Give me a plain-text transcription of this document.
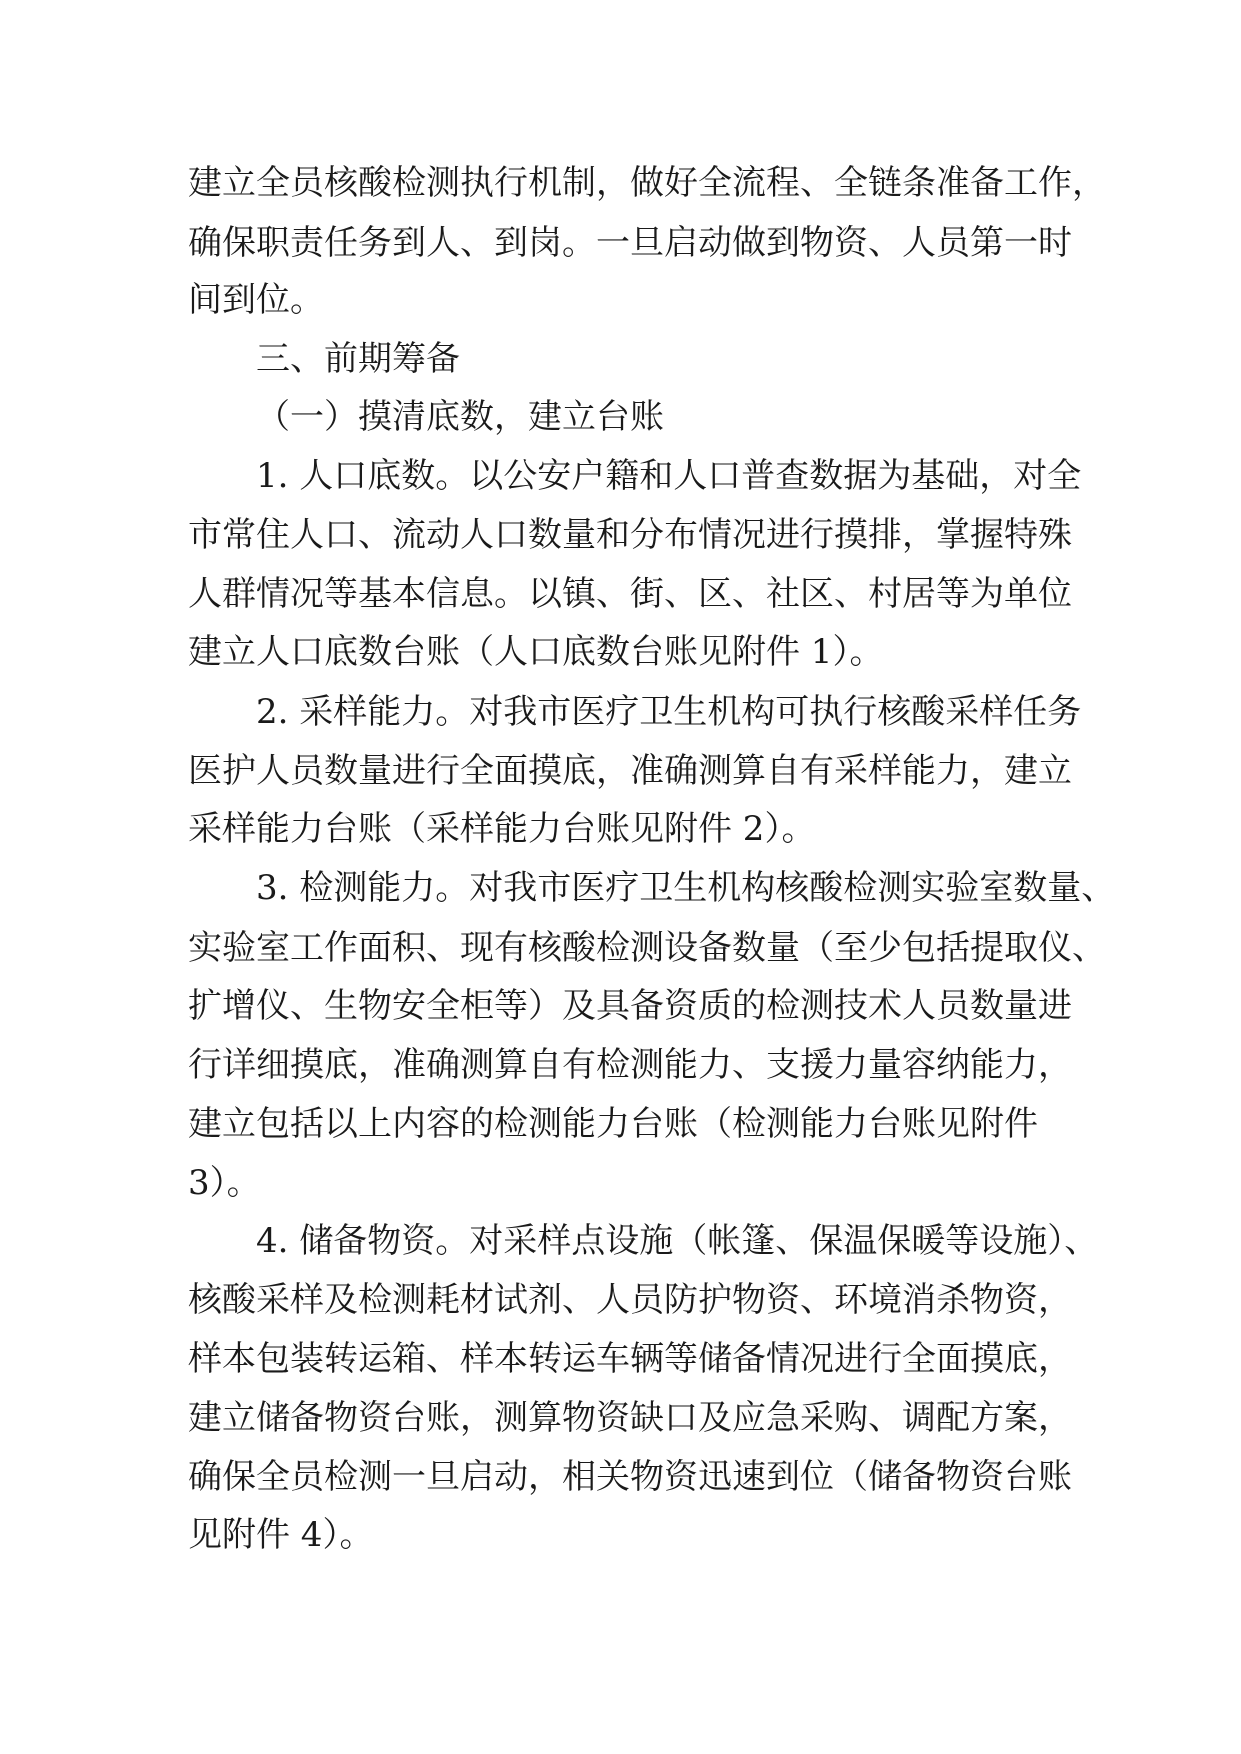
建立全员核酸检测执行机制，做好全流程、全链条准备工作，

确保职责任务到人、到岗。一旦启动做到物资、人员第一时

间到位。

三、前期筹备

（一）摸清底数，建立台账

1. 人口底数。以公安户籍和人口普查数据为基础，对全

市常住人口、流动人口数量和分布情况进行摸排，掌握特殊

人群情况等基本信息。以镇、街、区、社区、村居等为单位

建立人口底数台账（人口底数台账见附件 1）。

2. 采样能力。对我市医疗卫生机构可执行核酸采样任务

医护人员数量进行全面摸底，准确测算自有采样能力，建立

采样能力台账（采样能力台账见附件 2）。

3. 检测能力。对我市医疗卫生机构核酸检测实验室数量、

实验室工作面积、现有核酸检测设备数量（至少包括提取仪、

扩增仪、生物安全柜等）及具备资质的检测技术人员数量进

行详细摸底，准确测算自有检测能力、支援力量容纳能力，

建立包括以上内容的检测能力台账（检测能力台账见附件

3）。

4. 储备物资。对采样点设施（帐篷、保温保暖等设施）、

核酸采样及检测耗材试剂、人员防护物资、环境消杀物资，

样本包装转运箱、样本转运车辆等储备情况进行全面摸底，

建立储备物资台账，测算物资缺口及应急采购、调配方案，

确保全员检测一旦启动，相关物资迅速到位（储备物资台账

见附件 4）。
